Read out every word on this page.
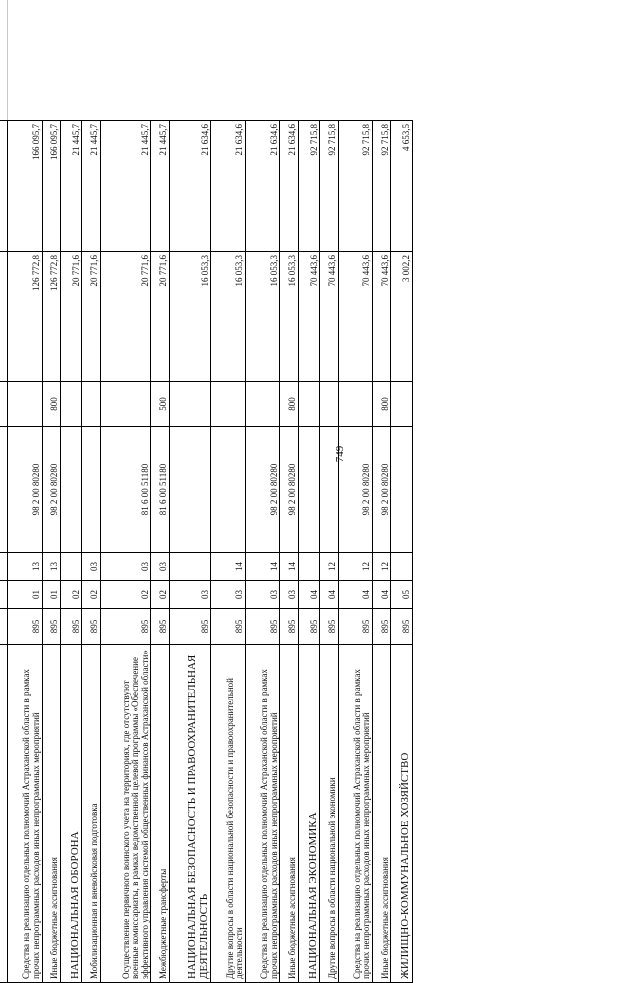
749

Средства на реализацию отдельных полномочий Астраханской области в рамках прочих непрограммных расходов иных непрограммных мероприятий	895	01	13	98 2 00 80280		126 772,8	166 095,7
Иные бюджетные ассигнования	895	01	13	98 2 00 80280	800	126 772,8	166 095,7
НАЦИОНАЛЬНАЯ ОБОРОНА	895	02				20 771,6	21 445,7
Мобилизационная и вневойсковая подготовка	895	02	03			20 771,6	21 445,7
Осуществление первичного воинского учета на территориях, где отсутствуют военные комиссариаты, в рамках ведомственной целевой программы «Обеспечение эффективного управления системой общественных финансов Астраханской области»	895	02	03	81 6 00 51180		20 771,6	21 445,7
Межбюджетные трансферты	895	02	03	81 6 00 51180	500	20 771,6	21 445,7
НАЦИОНАЛЬНАЯ БЕЗОПАСНОСТЬ И ПРАВООХРАНИТЕЛЬНАЯ ДЕЯТЕЛЬНОСТЬ	895	03				16 053,3	21 634,6
Другие вопросы в области национальной безопасности и правоохранительной деятельности	895	03	14			16 053,3	21 634,6
Средства на реализацию отдельных полномочий Астраханской области в рамках прочих непрограммных расходов иных непрограммных мероприятий	895	03	14	98 2 00 80280		16 053,3	21 634,6
Иные бюджетные ассигнования	895	03	14	98 2 00 80280	800	16 053,3	21 634,6
НАЦИОНАЛЬНАЯ ЭКОНОМИКА	895	04				70 443,6	92 715,8
Другие вопросы в области национальной экономики	895	04	12			70 443,6	92 715,8
Средства на реализацию отдельных полномочий Астраханской области в рамках прочих непрограммных расходов иных непрограммных мероприятий	895	04	12	98 2 00 80280		70 443,6	92 715,8
Иные бюджетные ассигнования	895	04	12	98 2 00 80280	800	70 443,6	92 715,8
ЖИЛИЩНО-КОММУНАЛЬНОЕ ХОЗЯЙСТВО	895	05				3 002,2	4 653,5
